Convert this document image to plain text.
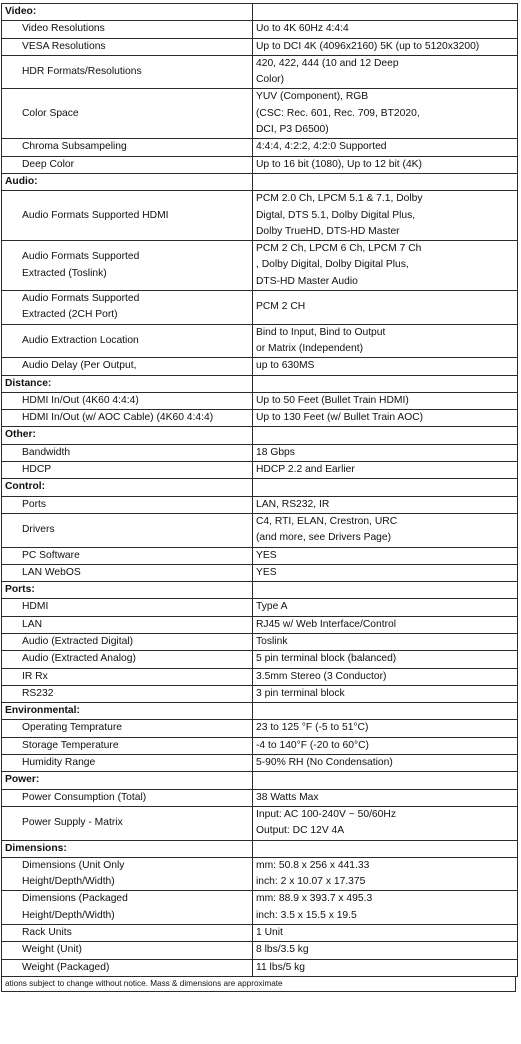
Video:	

Video Resolutions	Uo to 4K 60Hz 4:4:4

VESA Resolutions	Up to DCI 4K (4096x2160) 5K (up to 5120x3200)

HDR Formats/Resolutions	420, 422, 444 (10 and 12 Deep
Color)

Color Space	YUV (Component), RGB
(CSC: Rec. 601, Rec. 709, BT2020,
DCI, P3 D6500)

Chroma Subsampeling	4:4:4, 4:2:2, 4:2:0 Supported

Deep Color	Up to 16 bit (1080), Up to 12 bit (4K)

Audio:	

Audio Formats Supported HDMI	PCM 2.0 Ch, LPCM 5.1 & 7.1, Dolby
Digtal, DTS 5.1, Dolby Digital Plus,
Dolby TrueHD, DTS-HD Master

Audio Formats Supported
Extracted (Toslink)	PCM 2 Ch, LPCM 6 Ch, LPCM 7 Ch
, Dolby Digital, Dolby Digital Plus,
DTS-HD Master Audio

Audio Formats Supported
Extracted (2CH Port)	PCM 2 CH

Audio Extraction Location	Bind to Input, Bind to Output
or Matrix (Independent)

Audio Delay (Per Output,	up to 630MS

Distance:	

HDMI In/Out (4K60 4:4:4)	Up to 50 Feet (Bullet Train HDMI)

HDMI In/Out (w/ AOC Cable) (4K60 4:4:4)	Up to 130 Feet (w/ Bullet Train AOC)

Other:	

Bandwidth	18 Gbps

HDCP	HDCP 2.2 and Earlier

Control:	

Ports	LAN, RS232, IR

Drivers	C4, RTI, ELAN, Crestron, URC
(and more, see Drivers Page)

PC Software	YES

LAN WebOS	YES

Ports:	

HDMI	Type A

LAN	RJ45 w/ Web Interface/Control

Audio (Extracted Digital)	Toslink

Audio (Extracted Analog)	5 pin terminal block (balanced)

IR Rx	3.5mm Stereo (3 Conductor)

RS232	3 pin terminal block

Environmental:	

Operating Temprature	23 to 125 °F (-5 to 51°C)

Storage Temperature	-4 to 140°F (-20 to 60°C)

Humidity Range	5-90% RH (No Condensation)

Power:	

Power Consumption (Total)	38 Watts Max

Power Supply - Matrix	Input: AC 100-240V ~ 50/60Hz
Output: DC 12V 4A

Dimensions:	

Dimensions (Unit Only
Height/Depth/Width)	mm: 50.8 x 256 x 441.33
inch: 2 x 10.07 x 17.375

Dimensions (Packaged
Height/Depth/Width)	mm: 88.9 x 393.7 x 495.3
inch: 3.5 x 15.5 x 19.5

Rack Units	1 Unit

Weight (Unit)	8 lbs/3.5 kg

Weight (Packaged)	11 lbs/5 kg
ations subject to change without notice. Mass & dimensions are approximate
